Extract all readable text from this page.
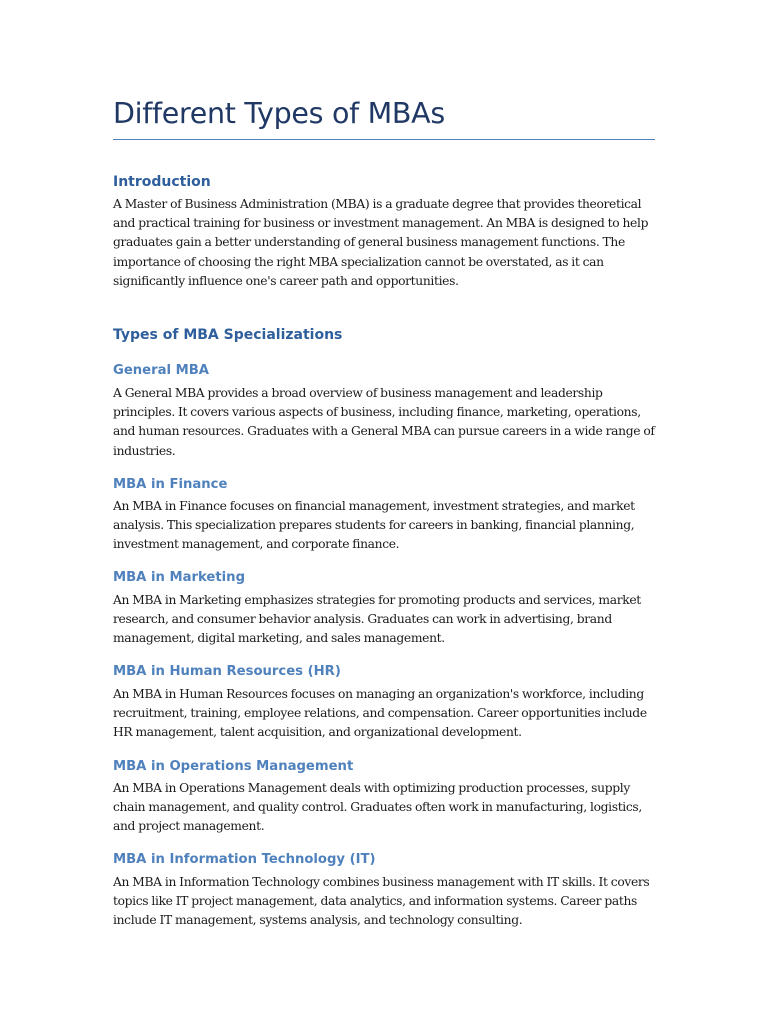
Different Types of MBAs
Introduction

A Master of Business Administration (MBA) is a graduate degree that provides theoretical and practical training for business or investment management. An MBA is designed to help graduates gain a better understanding of general business management functions. The importance of choosing the right MBA specialization cannot be overstated, as it can significantly influence one's career path and opportunities.

Types of MBA Specializations
General MBA

A General MBA provides a broad overview of business management and leadership principles. It covers various aspects of business, including finance, marketing, operations, and human resources. Graduates with a General MBA can pursue careers in a wide range of industries.

MBA in Finance

An MBA in Finance focuses on financial management, investment strategies, and market analysis. This specialization prepares students for careers in banking, financial planning, investment management, and corporate finance.

MBA in Marketing

An MBA in Marketing emphasizes strategies for promoting products and services, market research, and consumer behavior analysis. Graduates can work in advertising, brand management, digital marketing, and sales management.

MBA in Human Resources (HR)

An MBA in Human Resources focuses on managing an organization's workforce, including recruitment, training, employee relations, and compensation. Career opportunities include HR management, talent acquisition, and organizational development.

MBA in Operations Management

An MBA in Operations Management deals with optimizing production processes, supply chain management, and quality control. Graduates often work in manufacturing, logistics, and project management.

MBA in Information Technology (IT)

An MBA in Information Technology combines business management with IT skills. It covers topics like IT project management, data analytics, and information systems. Career paths include IT management, systems analysis, and technology consulting.
